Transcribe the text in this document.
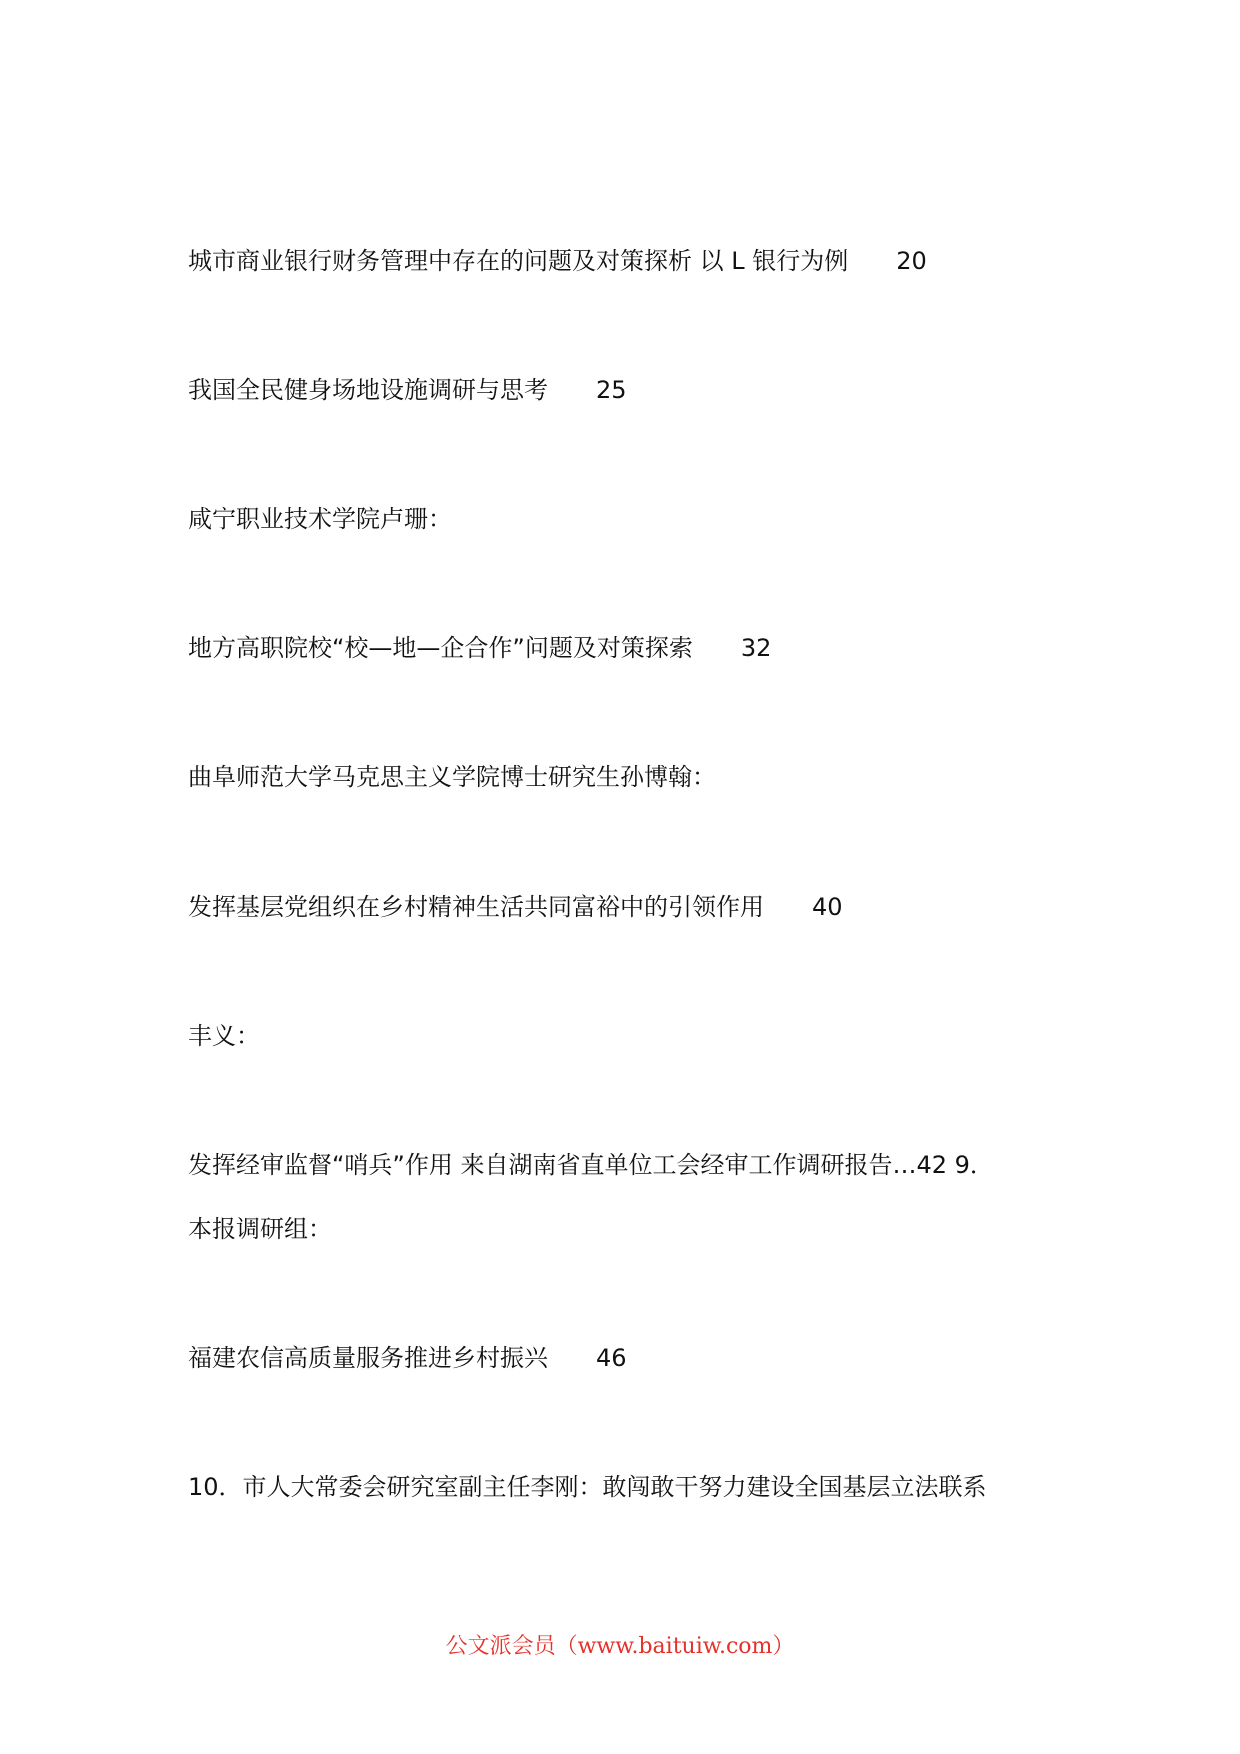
城市商业银行财务管理中存在的问题及对策探析 以 L 银行为例 20
我国全民健身场地设施调研与思考 25
咸宁职业技术学院卢珊：
地方高职院校“校—地—企合作”问题及对策探索 32
曲阜师范大学马克思主义学院博士研究生孙博翰：
发挥基层党组织在乡村精神生活共同富裕中的引领作用 40
丰义：
发挥经审监督“哨兵”作用 来自湖南省直单位工会经审工作调研报告…42 9．
本报调研组：
福建农信高质量服务推进乡村振兴 46
10．市人大常委会研究室副主任李刚：敢闯敢干努力建设全国基层立法联系
公文派会员（www.baituiw.com）
